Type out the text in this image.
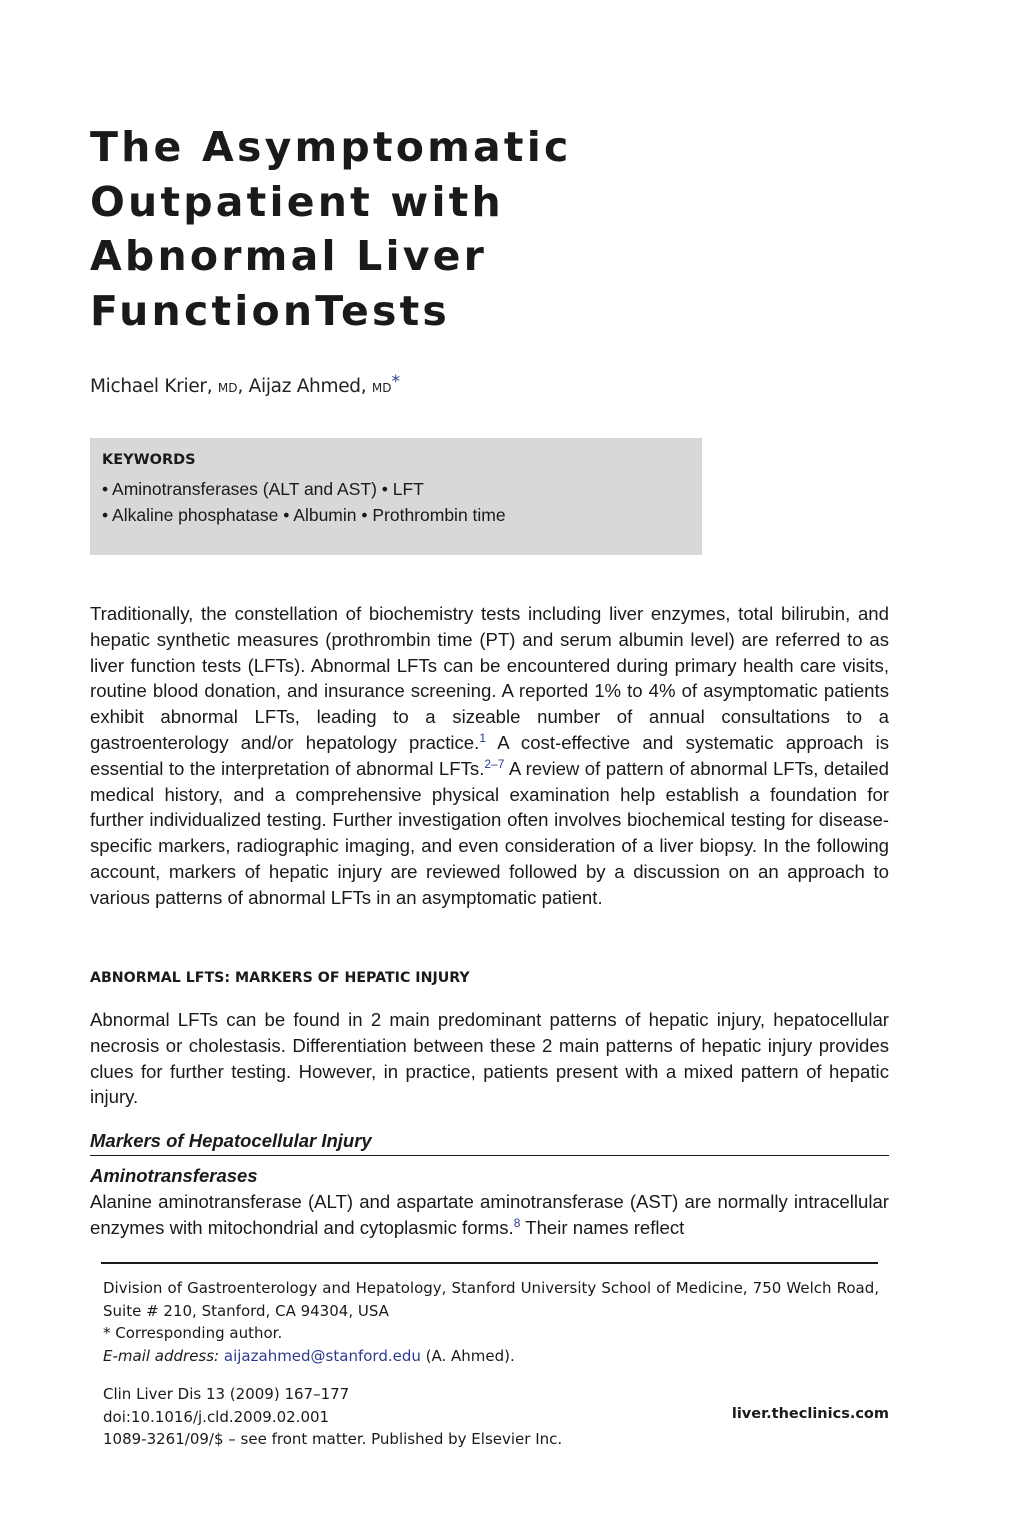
The Asymptomatic
Outpatient with
Abnormal Liver
FunctionTests
Michael Krier, MD, Aijaz Ahmed, MD*
KEYWORDS
• Aminotransferases (ALT and AST) • LFT
• Alkaline phosphatase • Albumin • Prothrombin time

Traditionally, the constellation of biochemistry tests including liver enzymes, total bilirubin, and hepatic synthetic measures (prothrombin time (PT) and serum albumin level) are referred to as liver function tests (LFTs). Abnormal LFTs can be encountered during primary health care visits, routine blood donation, and insurance screening. A reported 1% to 4% of asymptomatic patients exhibit abnormal LFTs, leading to a sizeable number of annual consultations to a gastroenterology and/or hepatology practice.$^1$ A cost-effective and systematic approach is essential to the interpretation of abnormal LFTs.$^{2-7}$ A review of pattern of abnormal LFTs, detailed medical history, and a comprehensive physical examination help establish a foundation for further individualized testing. Further investigation often involves biochemical testing for disease-specific markers, radiographic imaging, and even consideration of a liver biopsy. In the following account, markers of hepatic injury are reviewed followed by a discussion on an approach to various patterns of abnormal LFTs in an asymptomatic patient.

ABNORMAL LFTS: MARKERS OF HEPATIC INJURY

Abnormal LFTs can be found in 2 main predominant patterns of hepatic injury, hepatocellular necrosis or cholestasis. Differentiation between these 2 main patterns of hepatic injury provides clues for further testing. However, in practice, patients present with a mixed pattern of hepatic injury.

Markers of Hepatocellular Injury
Aminotransferases

Alanine aminotransferase (ALT) and aspartate aminotransferase (AST) are normally intracellular enzymes with mitochondrial and cytoplasmic forms.$^8$ Their names reflect

Division of Gastroenterology and Hepatology, Stanford University School of Medicine, 750 Welch Road, Suite # 210, Stanford, CA 94304, USA
* Corresponding author.
E-mail address: aijazahmed@stanford.edu (A. Ahmed).
Clin Liver Dis 13 (2009) 167–177
doi:10.1016/j.cld.2009.02.001
1089-3261/09/$ – see front matter. Published by Elsevier Inc.
liver.theclinics.com
